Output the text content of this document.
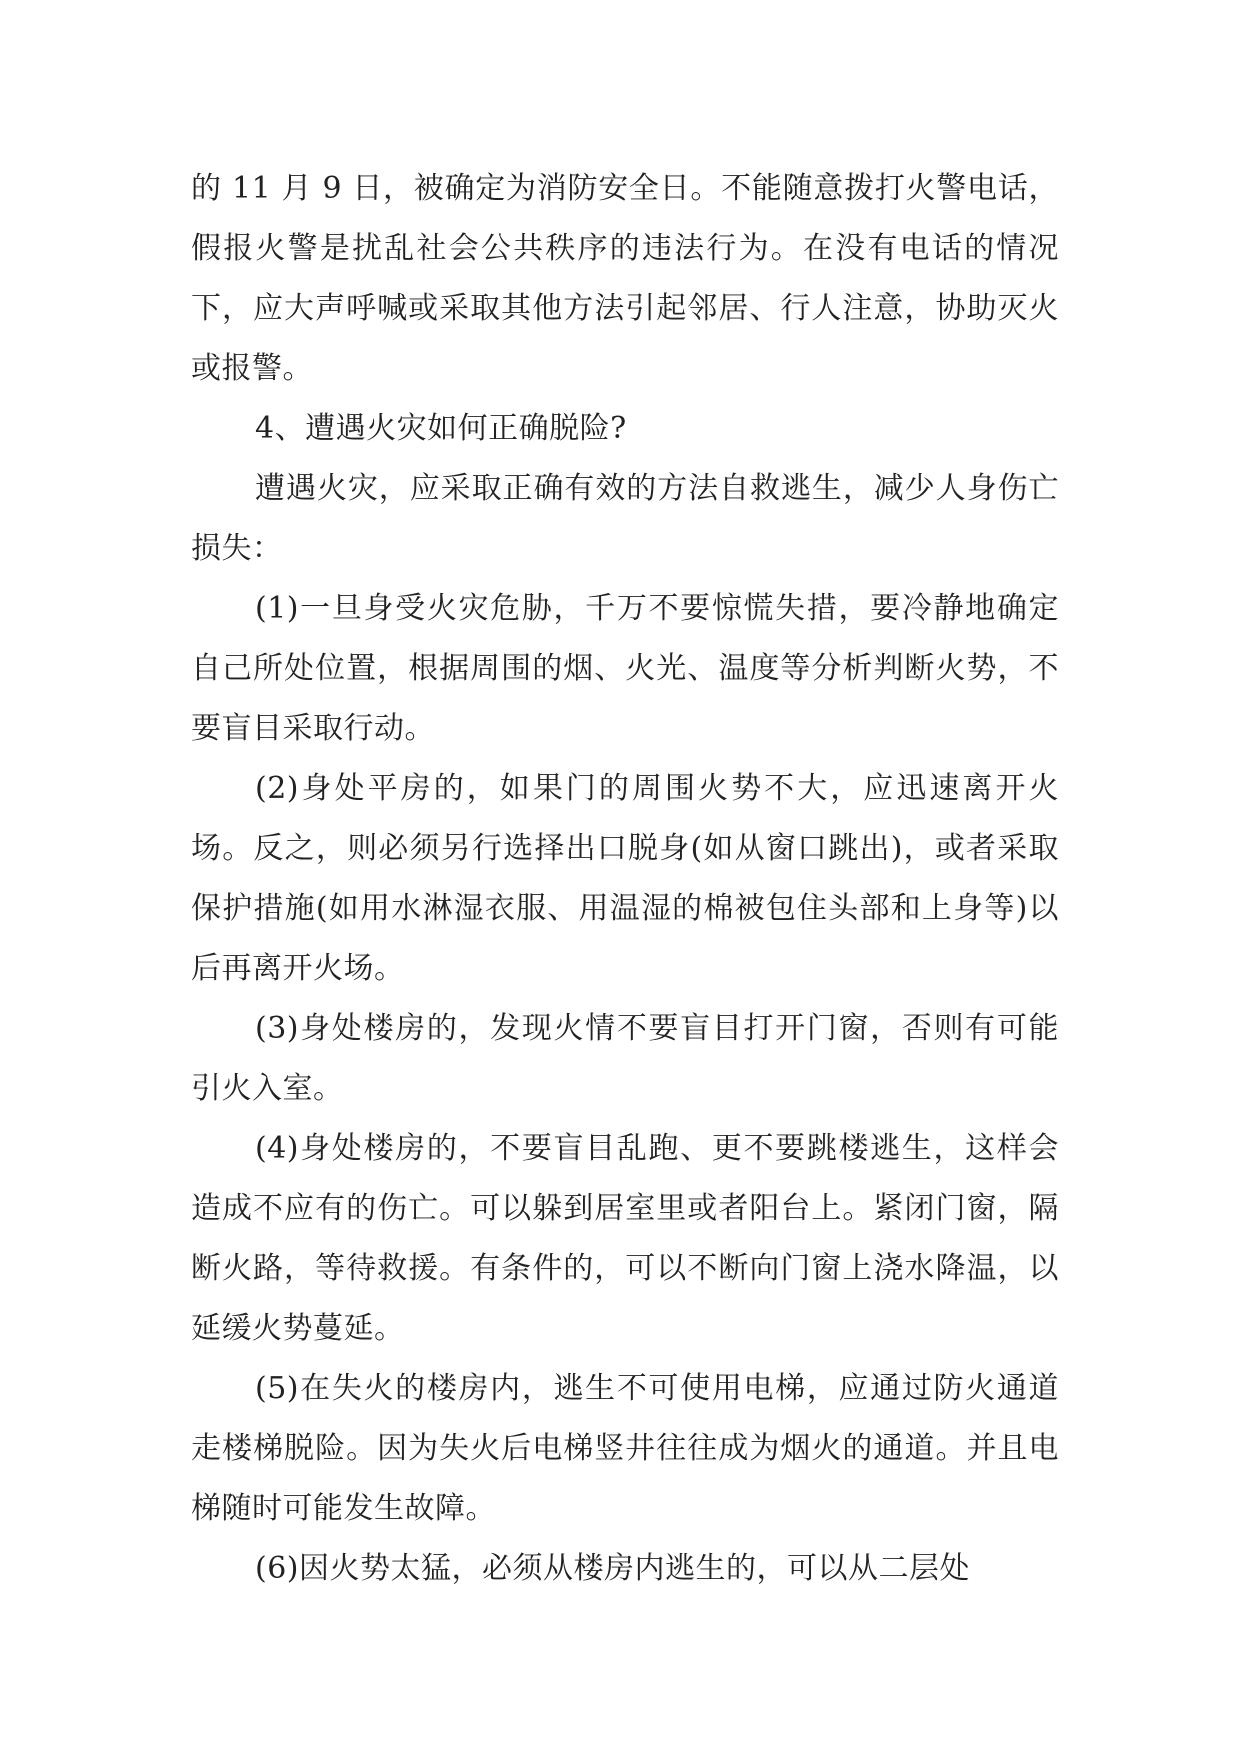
的 11 月 9 日，被确定为消防安全日。不能随意拨打火警电话，假报火警是扰乱社会公共秩序的违法行为。在没有电话的情况下，应大声呼喊或采取其他方法引起邻居、行人注意，协助灭火或报警。

4、遭遇火灾如何正确脱险?

遭遇火灾，应采取正确有效的方法自救逃生，减少人身伤亡损失：

(1)一旦身受火灾危胁，千万不要惊慌失措，要冷静地确定自己所处位置，根据周围的烟、火光、温度等分析判断火势，不要盲目采取行动。

(2)身处平房的，如果门的周围火势不大，应迅速离开火场。反之，则必须另行选择出口脱身(如从窗口跳出)，或者采取保护措施(如用水淋湿衣服、用温湿的棉被包住头部和上身等)以后再离开火场。

(3)身处楼房的，发现火情不要盲目打开门窗，否则有可能引火入室。

(4)身处楼房的，不要盲目乱跑、更不要跳楼逃生，这样会造成不应有的伤亡。可以躲到居室里或者阳台上。紧闭门窗，隔断火路，等待救援。有条件的，可以不断向门窗上浇水降温，以延缓火势蔓延。

(5)在失火的楼房内，逃生不可使用电梯，应通过防火通道走楼梯脱险。因为失火后电梯竖井往往成为烟火的通道。并且电梯随时可能发生故障。

(6)因火势太猛，必须从楼房内逃生的，可以从二层处
